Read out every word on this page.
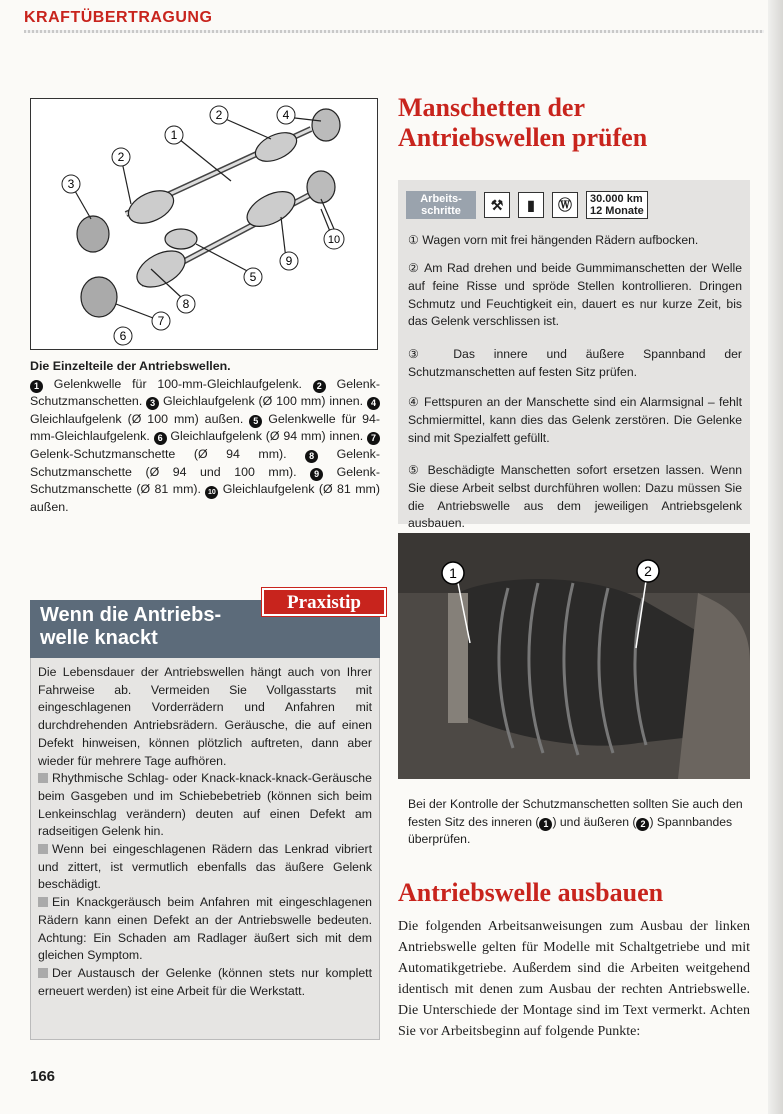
KRAFTÜBERTRAGUNG
1
2
3
4
5
6
7
8
9
10
2
Die Einzelteile der Antriebswellen.
1 Gelenkwelle für 100-mm-Gleichlaufgelenk. 2 Gelenk-Schutzmanschetten. 3 Gleichlaufgelenk (Ø 100 mm) innen. 4 Gleichlaufgelenk (Ø 100 mm) außen. 5 Gelenkwelle für 94-mm-Gleichlaufgelenk. 6 Gleichlaufgelenk (Ø 94 mm) innen. 7 Gelenk-Schutzmanschette (Ø 94 mm). 8 Gelenk-Schutzmanschette (Ø 94 und 100 mm). 9 Gelenk-Schutzmanschette (Ø 81 mm). 10 Gleichlaufgelenk (Ø 81 mm) außen.
Manschetten der
Antriebswellen prüfen
Arbeits-schritte	⚒	▮	Ⓦ	30.000 km
12 Monate
① Wagen vorn mit frei hängenden Rädern aufbocken.
② Am Rad drehen und beide Gummimanschetten der Welle auf feine Risse und spröde Stellen kontrollieren. Dringen Schmutz und Feuchtigkeit ein, dauert es nur kurze Zeit, bis das Gelenk verschlissen ist.
③ Das innere und äußere Spannband der Schutzmanschetten auf festen Sitz prüfen.
④ Fettspuren an der Manschette sind ein Alarmsignal – fehlt Schmiermittel, kann dies das Gelenk zerstören. Die Gelenke sind mit Spezialfett gefüllt.
⑤ Beschädigte Manschetten sofort ersetzen lassen. Wenn Sie diese Arbeit selbst durchführen wollen: Dazu müssen Sie die Antriebswelle aus dem jeweiligen Antriebsgelenk ausbauen.
1	2
Bei der Kontrolle der Schutzmanschetten sollten Sie auch den festen Sitz des inneren ( 1 ) und äußeren ( 2 ) Spannbandes überprüfen.
Antriebswelle ausbauen
Die folgenden Arbeitsanweisungen zum Ausbau der linken Antriebswelle gelten für Modelle mit Schaltgetriebe und mit Automatikgetriebe. Außerdem sind die Arbeiten weitgehend identisch mit denen zum Ausbau der rechten Antriebswelle. Die Unterschiede der Montage sind im Text vermerkt. Achten Sie vor Arbeitsbeginn auf folgende Punkte:
Wenn die Antriebs-
welle knackt
Praxistip
Die Lebensdauer der Antriebswellen hängt auch von Ihrer Fahrweise ab. Vermeiden Sie Vollgasstarts mit eingeschlagenen Vorderrädern und Anfahren mit durchdrehenden Antriebsrädern. Geräusche, die auf einen Defekt hinweisen, können plötzlich auftreten, dann aber wieder für mehrere Tage aufhören.
Rhythmische Schlag- oder Knack-knack-knack-Geräusche beim Gasgeben und im Schiebebetrieb (können sich beim Lenkeinschlag verändern) deuten auf einen Defekt am radseitigen Gelenk hin.
Wenn bei eingeschlagenen Rädern das Lenkrad vibriert und zittert, ist vermutlich ebenfalls das äußere Gelenk beschädigt.
Ein Knackgeräusch beim Anfahren mit eingeschlagenen Rädern kann einen Defekt an der Antriebswelle bedeuten. Achtung: Ein Schaden am Radlager äußert sich mit dem gleichen Symptom.
Der Austausch der Gelenke (können stets nur komplett erneuert werden) ist eine Arbeit für die Werkstatt.
166
